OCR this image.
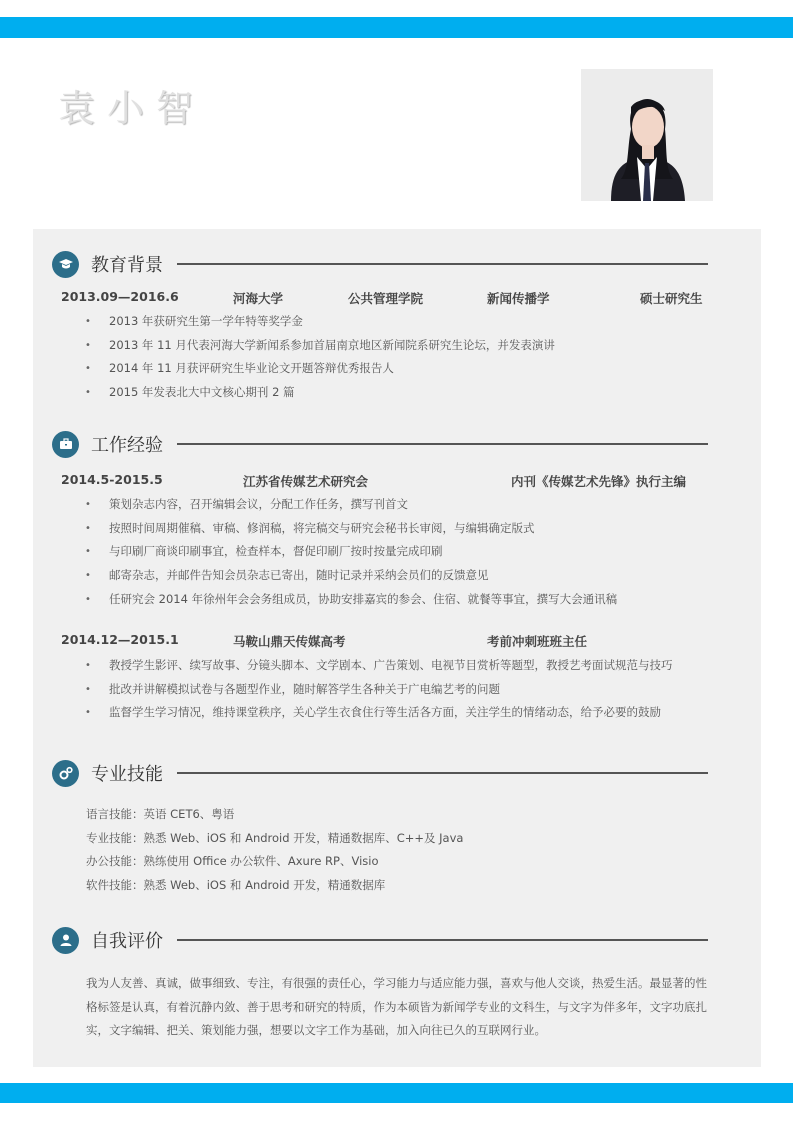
袁小智
教育背景
2013.09—2016.6	河海大学	公共管理学院	新闻传播学	硕士研究生
• 2013 年获研究生第一学年特等奖学金
• 2013 年 11 月代表河海大学新闻系参加首届南京地区新闻院系研究生论坛，并发表演讲
• 2014 年 11 月获评研究生毕业论文开题答辩优秀报告人
• 2015 年发表北大中文核心期刊 2 篇
工作经验
2014.5-2015.5	江苏省传媒艺术研究会	内刊《传媒艺术先锋》执行主编
• 策划杂志内容，召开编辑会议，分配工作任务，撰写刊首文
• 按照时间周期催稿、审稿、修润稿，将完稿交与研究会秘书长审阅，与编辑确定版式
• 与印刷厂商谈印刷事宜，检查样本，督促印刷厂按时按量完成印刷
• 邮寄杂志，并邮件告知会员杂志已寄出，随时记录并采纳会员们的反馈意见
• 任研究会 2014 年徐州年会会务组成员，协助安排嘉宾的参会、住宿、就餐等事宜，撰写大会通讯稿
2014.12—2015.1	马鞍山鼎天传媒高考	考前冲刺班班主任
• 教授学生影评、续写故事、分镜头脚本、文学剧本、广告策划、电视节目赏析等题型，教授艺考面试规范与技巧
• 批改并讲解模拟试卷与各题型作业，随时解答学生各种关于广电编艺考的问题
• 监督学生学习情况，维持课堂秩序，关心学生衣食住行等生活各方面，关注学生的情绪动态，给予必要的鼓励
专业技能
语言技能：英语 CET6、粤语
专业技能：熟悉 Web、iOS 和 Android 开发，精通数据库、C++及 Java
办公技能：熟练使用 Office 办公软件、Axure RP、Visio
软件技能：熟悉 Web、iOS 和 Android 开发，精通数据库
自我评价
我为人友善、真诚，做事细致、专注，有很强的责任心，学习能力与适应能力强，喜欢与他人交谈，热爱生活。最显著的性格标签是认真，有着沉静内敛、善于思考和研究的特质，作为本硕皆为新闻学专业的文科生，与文字为伴多年，文字功底扎实，文字编辑、把关、策划能力强，想要以文字工作为基础，加入向往已久的互联网行业。
